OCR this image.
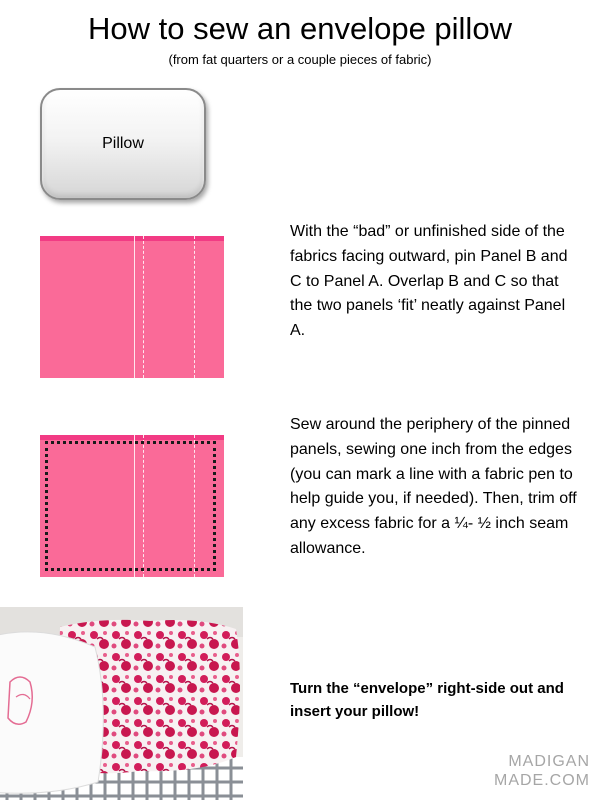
How to sew an envelope pillow
(from fat quarters or a couple pieces of fabric)
Pillow
With the “bad” or unfinished side of the fabrics facing outward, pin Panel B and C to Panel A. Overlap B and C so that the two panels ‘fit’ neatly against Panel A.
Sew around the periphery of the pinned panels, sewing one inch from the edges (you can mark a line with a fabric pen to help guide you, if needed). Then, trim off any excess fabric for a ¼- ½ inch seam allowance.
Turn the “envelope” right-side out and insert your pillow!
MADIGAN
MADE.COM
